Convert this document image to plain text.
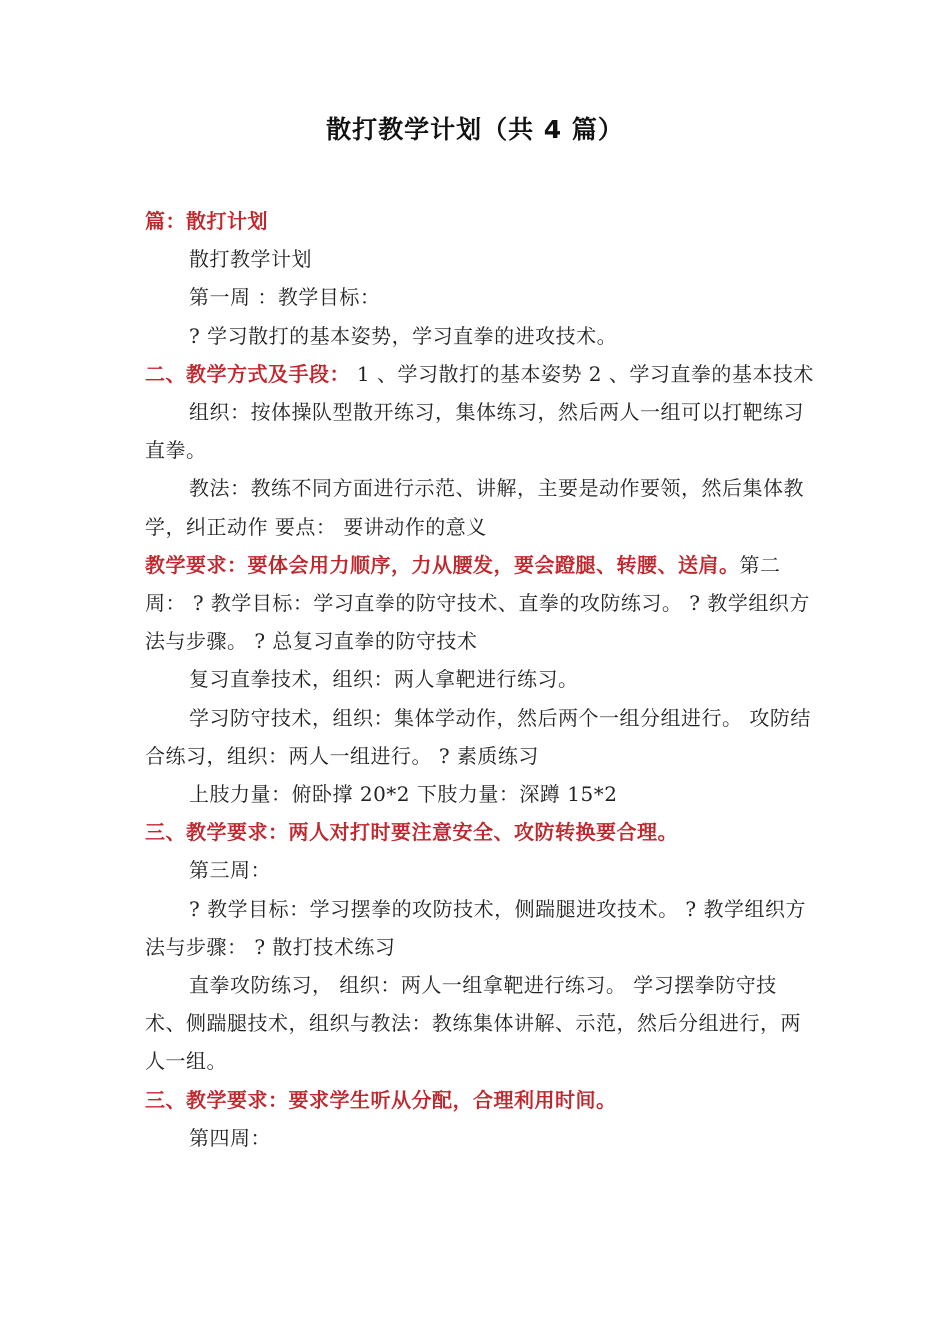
散打教学计划（共 4 篇）

篇：散打计划

散打教学计划

第一周 ：教学目标：

? 学习散打的基本姿势，学习直拳的进攻技术。

二、教学方式及手段： 1 、学习散打的基本姿势 2 、学习直拳的基本技术

组织：按体操队型散开练习，集体练习，然后两人一组可以打靶练习直拳。

教法：教练不同方面进行示范、讲解，主要是动作要领，然后集体教学，纠正动作 要点： 要讲动作的意义

教学要求：要体会用力顺序，力从腰发，要会蹬腿、转腰、送肩。第二周： ? 教学目标：学习直拳的防守技术、直拳的攻防练习。 ? 教学组织方法与步骤。 ? 总复习直拳的防守技术

复习直拳技术，组织：两人拿靶进行练习。

学习防守技术，组织：集体学动作，然后两个一组分组进行。 攻防结合练习，组织：两人一组进行。 ? 素质练习

上肢力量：俯卧撑 20*2 下肢力量：深蹲 15*2

三、教学要求：两人对打时要注意安全、攻防转换要合理。

第三周：

? 教学目标：学习摆拳的攻防技术，侧踹腿进攻技术。 ? 教学组织方法与步骤： ? 散打技术练习

直拳攻防练习， 组织：两人一组拿靶进行练习。 学习摆拳防守技术、侧踹腿技术，组织与教法：教练集体讲解、示范，然后分组进行，两人一组。

三、教学要求：要求学生听从分配，合理利用时间。

第四周：
